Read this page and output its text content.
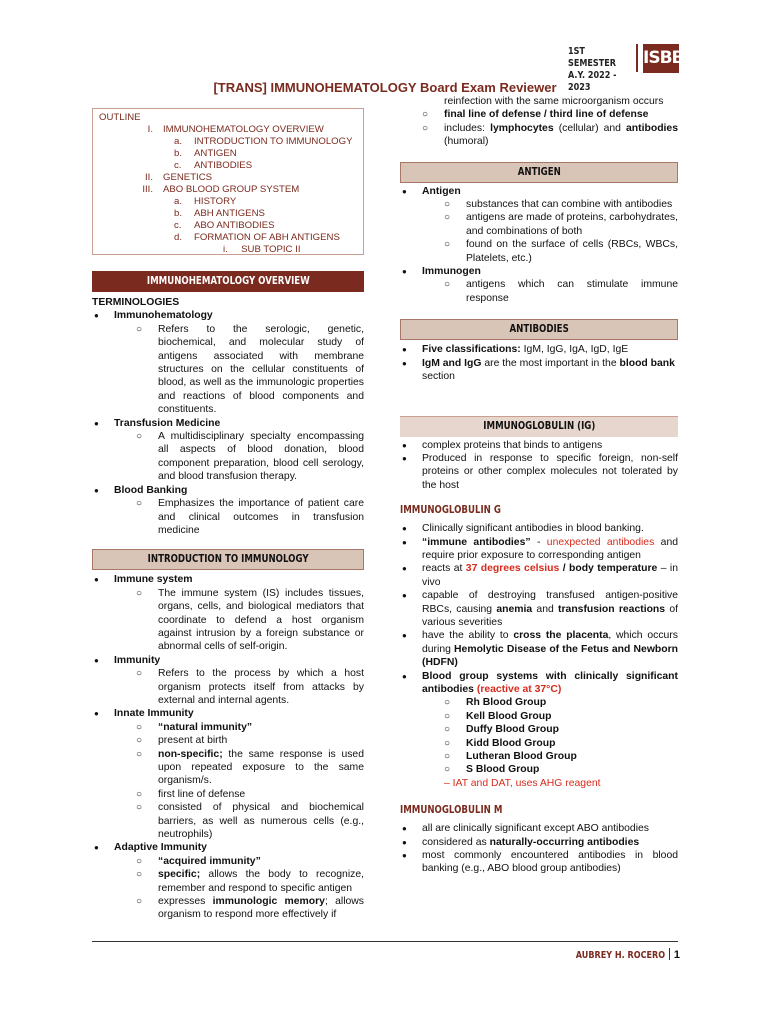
1ST SEMESTER
A.Y. 2022 - 2023
ISBB
[TRANS] IMMUNOHEMATOLOGY Board Exam Reviewer
OUTLINE
I.	IMMUNOHEMATOLOGY OVERVIEW
a.	INTRODUCTION TO IMMUNOLOGY
b.	ANTIGEN
c.	ANTIBODIES
II.	GENETICS
III.	ABO BLOOD GROUP SYSTEM
a.	HISTORY
b.	ABH ANTIGENS
c.	ABO ANTIBODIES
d.	FORMATION OF ABH ANTIGENS
i.     SUB TOPIC II
IMMUNOHEMATOLOGY OVERVIEW
TERMINOLOGIES
● Immunohematology

○ Refers to the serologic, genetic, biochemical, and molecular study of antigens associated with membrane structures on the cellular constituents of blood, as well as the immunologic properties and reactions of blood components and constituents.

● Transfusion Medicine

○ A multidisciplinary specialty encompassing all aspects of blood donation, blood component preparation, blood cell serology, and blood transfusion therapy.

● Blood Banking

○ Emphasizes the importance of patient care and clinical outcomes in transfusion medicine

INTRODUCTION TO IMMUNOLOGY
● Immune system

○ The immune system (IS) includes tissues, organs, cells, and biological mediators that coordinate to defend a host organism against intrusion by a foreign substance or abnormal cells of self-origin.

● Immunity

○ Refers to the process by which a host organism protects itself from attacks by external and internal agents.

● Innate Immunity
○ “natural immunity”
○ present at birth

○ non-specific; the same response is used upon repeated exposure to the same organism/s.

○ first line of defense

○ consisted of physical and biochemical barriers, as well as numerous cells (e.g., neutrophils)

● Adaptive Immunity
○ “acquired immunity”

○ specific; allows the body to recognize, remember and respond to specific antigen

○ expresses immunologic memory; allows organism to respond more effectively if

reinfection with the same microorganism occurs

○ final line of defense / third line of defense

○ includes: lymphocytes (cellular) and antibodies (humoral)

ANTIGEN
● Antigen
○ substances that can combine with antibodies

○ antigens are made of proteins, carbohydrates, and combinations of both

○ found on the surface of cells (RBCs, WBCs, Platelets, etc.)

● Immunogen

○ antigens which can stimulate immune response

ANTIBODIES
● Five classifications: IgM, IgG, IgA, IgD, IgE
● IgM and IgG are the most important in the blood bank section
IMMUNOGLOBULIN (IG)
● complex proteins that binds to antigens

● Produced in response to specific foreign, non-self proteins or other complex molecules not tolerated by the host

IMMUNOGLOBULIN G
● Clinically significant antibodies in blood banking.

● “immune antibodies” - unexpected antibodies and require prior exposure to corresponding antigen

● reacts at 37 degrees celsius / body temperature – in vivo

● capable of destroying transfused antigen-positive RBCs, causing anemia and transfusion reactions of various severities

● have the ability to cross the placenta, which occurs during Hemolytic Disease of the Fetus and Newborn (HDFN)

● Blood group systems with clinically significant antibodies (reactive at 37°C)

○ Rh Blood Group
○ Kell Blood Group
○ Duffy Blood Group
○ Kidd Blood Group
○ Lutheran Blood Group
○ S Blood Group
– IAT and DAT, uses AHG reagent
IMMUNOGLOBULIN M
● all are clinically significant except ABO antibodies
● considered as naturally-occurring antibodies

● most commonly encountered antibodies in blood banking (e.g., ABO blood group antibodies)

AUBREY H. ROCERO 1
